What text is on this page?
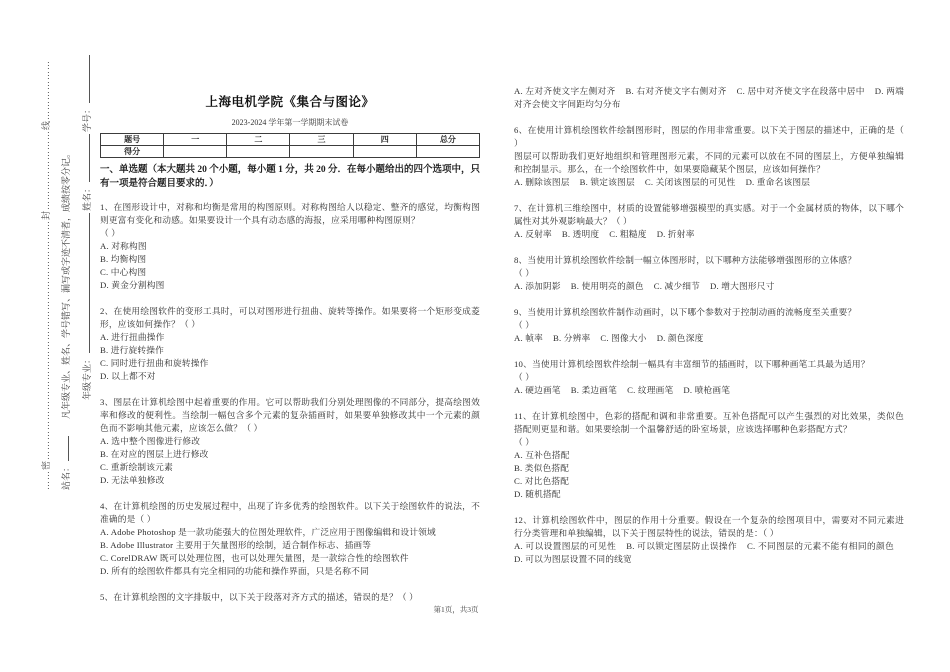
……密………………………………………………………………封……………………线……………… 站名：凡年级专业、姓名、学号错写、漏写或字迹不清者，成绩按零分记。 年级专业：姓名：学号：
上海电机学院《集合与图论》
2023-2024 学年第一学期期末试卷
题号	一	二	三	四	总分
得分					
一、单选题（本大题共 20 个小题，每小题 1 分，共 20 分．在每小题给出的四个选项中，只有一项是符合题目要求的．）
1、在图形设计中，对称和均衡是常用的构图原则。对称构图给人以稳定、整齐的感觉，均衡构图则更富有变化和动感。如果要设计一个具有动态感的海报，应采用哪种构图原则？
（ ）
A. 对称构图
B. 均衡构图
C. 中心构图
D. 黄金分割构图
2、在使用绘图软件的变形工具时，可以对图形进行扭曲、旋转等操作。如果要将一个矩形变成菱形，应该如何操作？（ ）
A. 进行扭曲操作
B. 进行旋转操作
C. 同时进行扭曲和旋转操作
D. 以上都不对
3、图层在计算机绘图中起着重要的作用。它可以帮助我们分别处理图像的不同部分，提高绘图效率和修改的便利性。当绘制一幅包含多个元素的复杂插画时，如果要单独修改其中一个元素的颜色而不影响其他元素，应该怎么做？（ ）
A. 选中整个图像进行修改
B. 在对应的图层上进行修改
C. 重新绘制该元素
D. 无法单独修改
4、在计算机绘图的历史发展过程中，出现了许多优秀的绘图软件。以下关于绘图软件的说法，不准确的是（ ）
A. Adobe Photoshop 是一款功能强大的位图处理软件，广泛应用于图像编辑和设计领域
B. Adobe Illustrator 主要用于矢量图形的绘制，适合制作标志、插画等
C. CorelDRAW 既可以处理位图，也可以处理矢量图，是一款综合性的绘图软件
D. 所有的绘图软件都具有完全相同的功能和操作界面，只是名称不同
5、在计算机绘图的文字排版中，以下关于段落对齐方式的描述，错误的是？（ ）
A. 左对齐使文字左侧对齐 B. 右对齐使文字右侧对齐 C. 居中对齐使文字在段落中居中 D. 两端对齐会使文字间距均匀分布
6、在使用计算机绘图软件绘制图形时，图层的作用非常重要。以下关于图层的描述中，正确的是（ ）
图层可以帮助我们更好地组织和管理图形元素，不同的元素可以放在不同的图层上，方便单独编辑和控制显示。那么，在一个绘图软件中，如果要隐藏某个图层，应该如何操作？
A. 删除该图层 B. 锁定该图层 C. 关闭该图层的可见性 D. 重命名该图层
7、在计算机三维绘图中，材质的设置能够增强模型的真实感。对于一个金属材质的物体，以下哪个属性对其外观影响最大？（ ）
A. 反射率 B. 透明度 C. 粗糙度 D. 折射率
8、当使用计算机绘图软件绘制一幅立体图形时，以下哪种方法能够增强图形的立体感？
（ ）
A. 添加阴影 B. 使用明亮的颜色 C. 减少细节 D. 增大图形尺寸
9、当使用计算机绘图软件制作动画时，以下哪个参数对于控制动画的流畅度至关重要？
（ ）
A. 帧率 B. 分辨率 C. 图像大小 D. 颜色深度
10、当使用计算机绘图软件绘制一幅具有丰富细节的插画时，以下哪种画笔工具最为适用？
（ ）
A. 硬边画笔 B. 柔边画笔 C. 纹理画笔 D. 喷枪画笔
11、在计算机绘图中，色彩的搭配和调和非常重要。互补色搭配可以产生强烈的对比效果，类似色搭配则更显和谐。如果要绘制一个温馨舒适的卧室场景，应该选择哪种色彩搭配方式？
（ ）
A. 互补色搭配
B. 类似色搭配
C. 对比色搭配
D. 随机搭配
12、计算机绘图软件中，图层的作用十分重要。假设在一个复杂的绘图项目中，需要对不同元素进行分类管理和单独编辑，以下关于图层特性的说法，错误的是：（ ）
A. 可以设置图层的可见性 B. 可以锁定图层防止误操作 C. 不同图层的元素不能有相同的颜色D. 可以为图层设置不同的线宽
第1页，共3页
